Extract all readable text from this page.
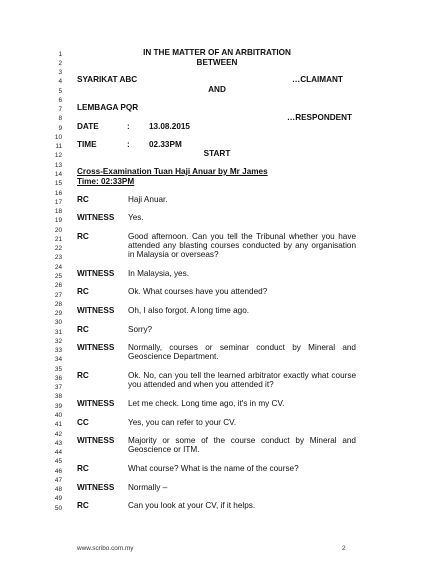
1
2
3
4
5
6
7
8
9
10
11
12
13
14
15
16
17
18
19
20
21
22
23
24
25
26
27
28
29
30
31
32
33
34
35
36
37
38
39
40
41
42
43
44
45
46
47
48
49
50
IN THE MATTER OF AN ARBITRATION
BETWEEN
SYARIKAT ABC	…CLAIMANT
AND
LEMBAGA PQR
…RESPONDENT
DATE	: 13.08.2015
TIME	: 02.33PM
START
Cross-Examination Tuan Haji Anuar by Mr James
Time: 02:33PM
RC	Haji Anuar.
WITNESS Yes.
RC	Good afternoon. Can you tell the Tribunal whether you have attended any blasting courses conducted by any organisation in Malaysia or overseas?
WITNESS In Malaysia, yes.
RC	Ok. What courses have you attended?
WITNESS Oh, I also forgot. A long time ago.
RC	Sorry?
WITNESS Normally, courses or seminar conduct by Mineral and Geoscience Department.
RC	Ok. No, can you tell the learned arbitrator exactly what course you attended and when you attended it?
WITNESS Let me check. Long time ago, it's in my CV.
CC	Yes, you can refer to your CV.
WITNESS Majority or some of the course conduct by Mineral and Geoscience or ITM.
RC	What course? What is the name of the course?
WITNESS Normally –
RC	Can you look at your CV, if it helps.
www.scribo.com.my	2
